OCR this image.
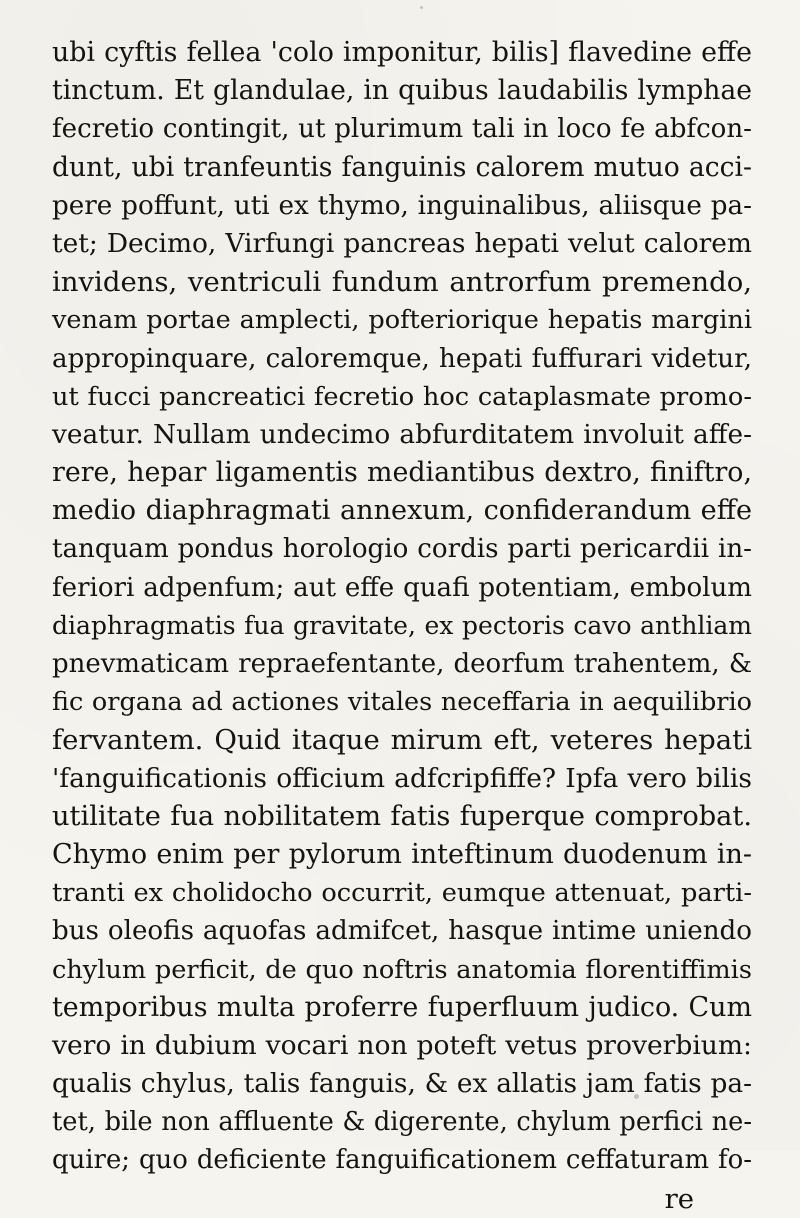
ubi cyftis fellea 'colo imponitur, bilis] flavedine effe
tinctum. Et glandulae, in quibus laudabilis lymphae
fecretio contingit, ut plurimum tali in loco fe abfcon-
dunt, ubi tranfeuntis fanguinis calorem mutuo acci-
pere poffunt, uti ex thymo, inguinalibus, aliisque pa-
tet; Decimo, Virfungi pancreas hepati velut calorem
invidens, ventriculi fundum antrorfum premendo,
venam portae amplecti, pofteriorique hepatis margini
appropinquare, caloremque, hepati fuffurari videtur,
ut fucci pancreatici fecretio hoc cataplasmate promo-
veatur. Nullam undecimo abfurditatem involuit affe-
rere, hepar ligamentis mediantibus dextro, finiftro,
medio diaphragmati annexum, confiderandum effe
tanquam pondus horologio cordis parti pericardii in-
feriori adpenfum; aut effe quafi potentiam, embolum
diaphragmatis fua gravitate, ex pectoris cavo anthliam
pnevmaticam repraefentante, deorfum trahentem, &
fic organa ad actiones vitales neceffaria in aequilibrio
fervantem. Quid itaque mirum eft, veteres hepati
'fanguificationis officium adfcripfiffe? Ipfa vero bilis
utilitate fua nobilitatem fatis fuperque comprobat.
Chymo enim per pylorum inteftinum duodenum in-
tranti ex cholidocho occurrit, eumque attenuat, parti-
bus oleofis aquofas admifcet, hasque intime uniendo
chylum perficit, de quo noftris anatomia florentiffimis
temporibus multa proferre fuperfluum judico. Cum
vero in dubium vocari non poteft vetus proverbium:
qualis chylus, talis fanguis, & ex allatis jam fatis pa-
tet, bile non affluente & digerente, chylum perfici ne-
quire; quo deficiente fanguificationem ceffaturam fo-
re
